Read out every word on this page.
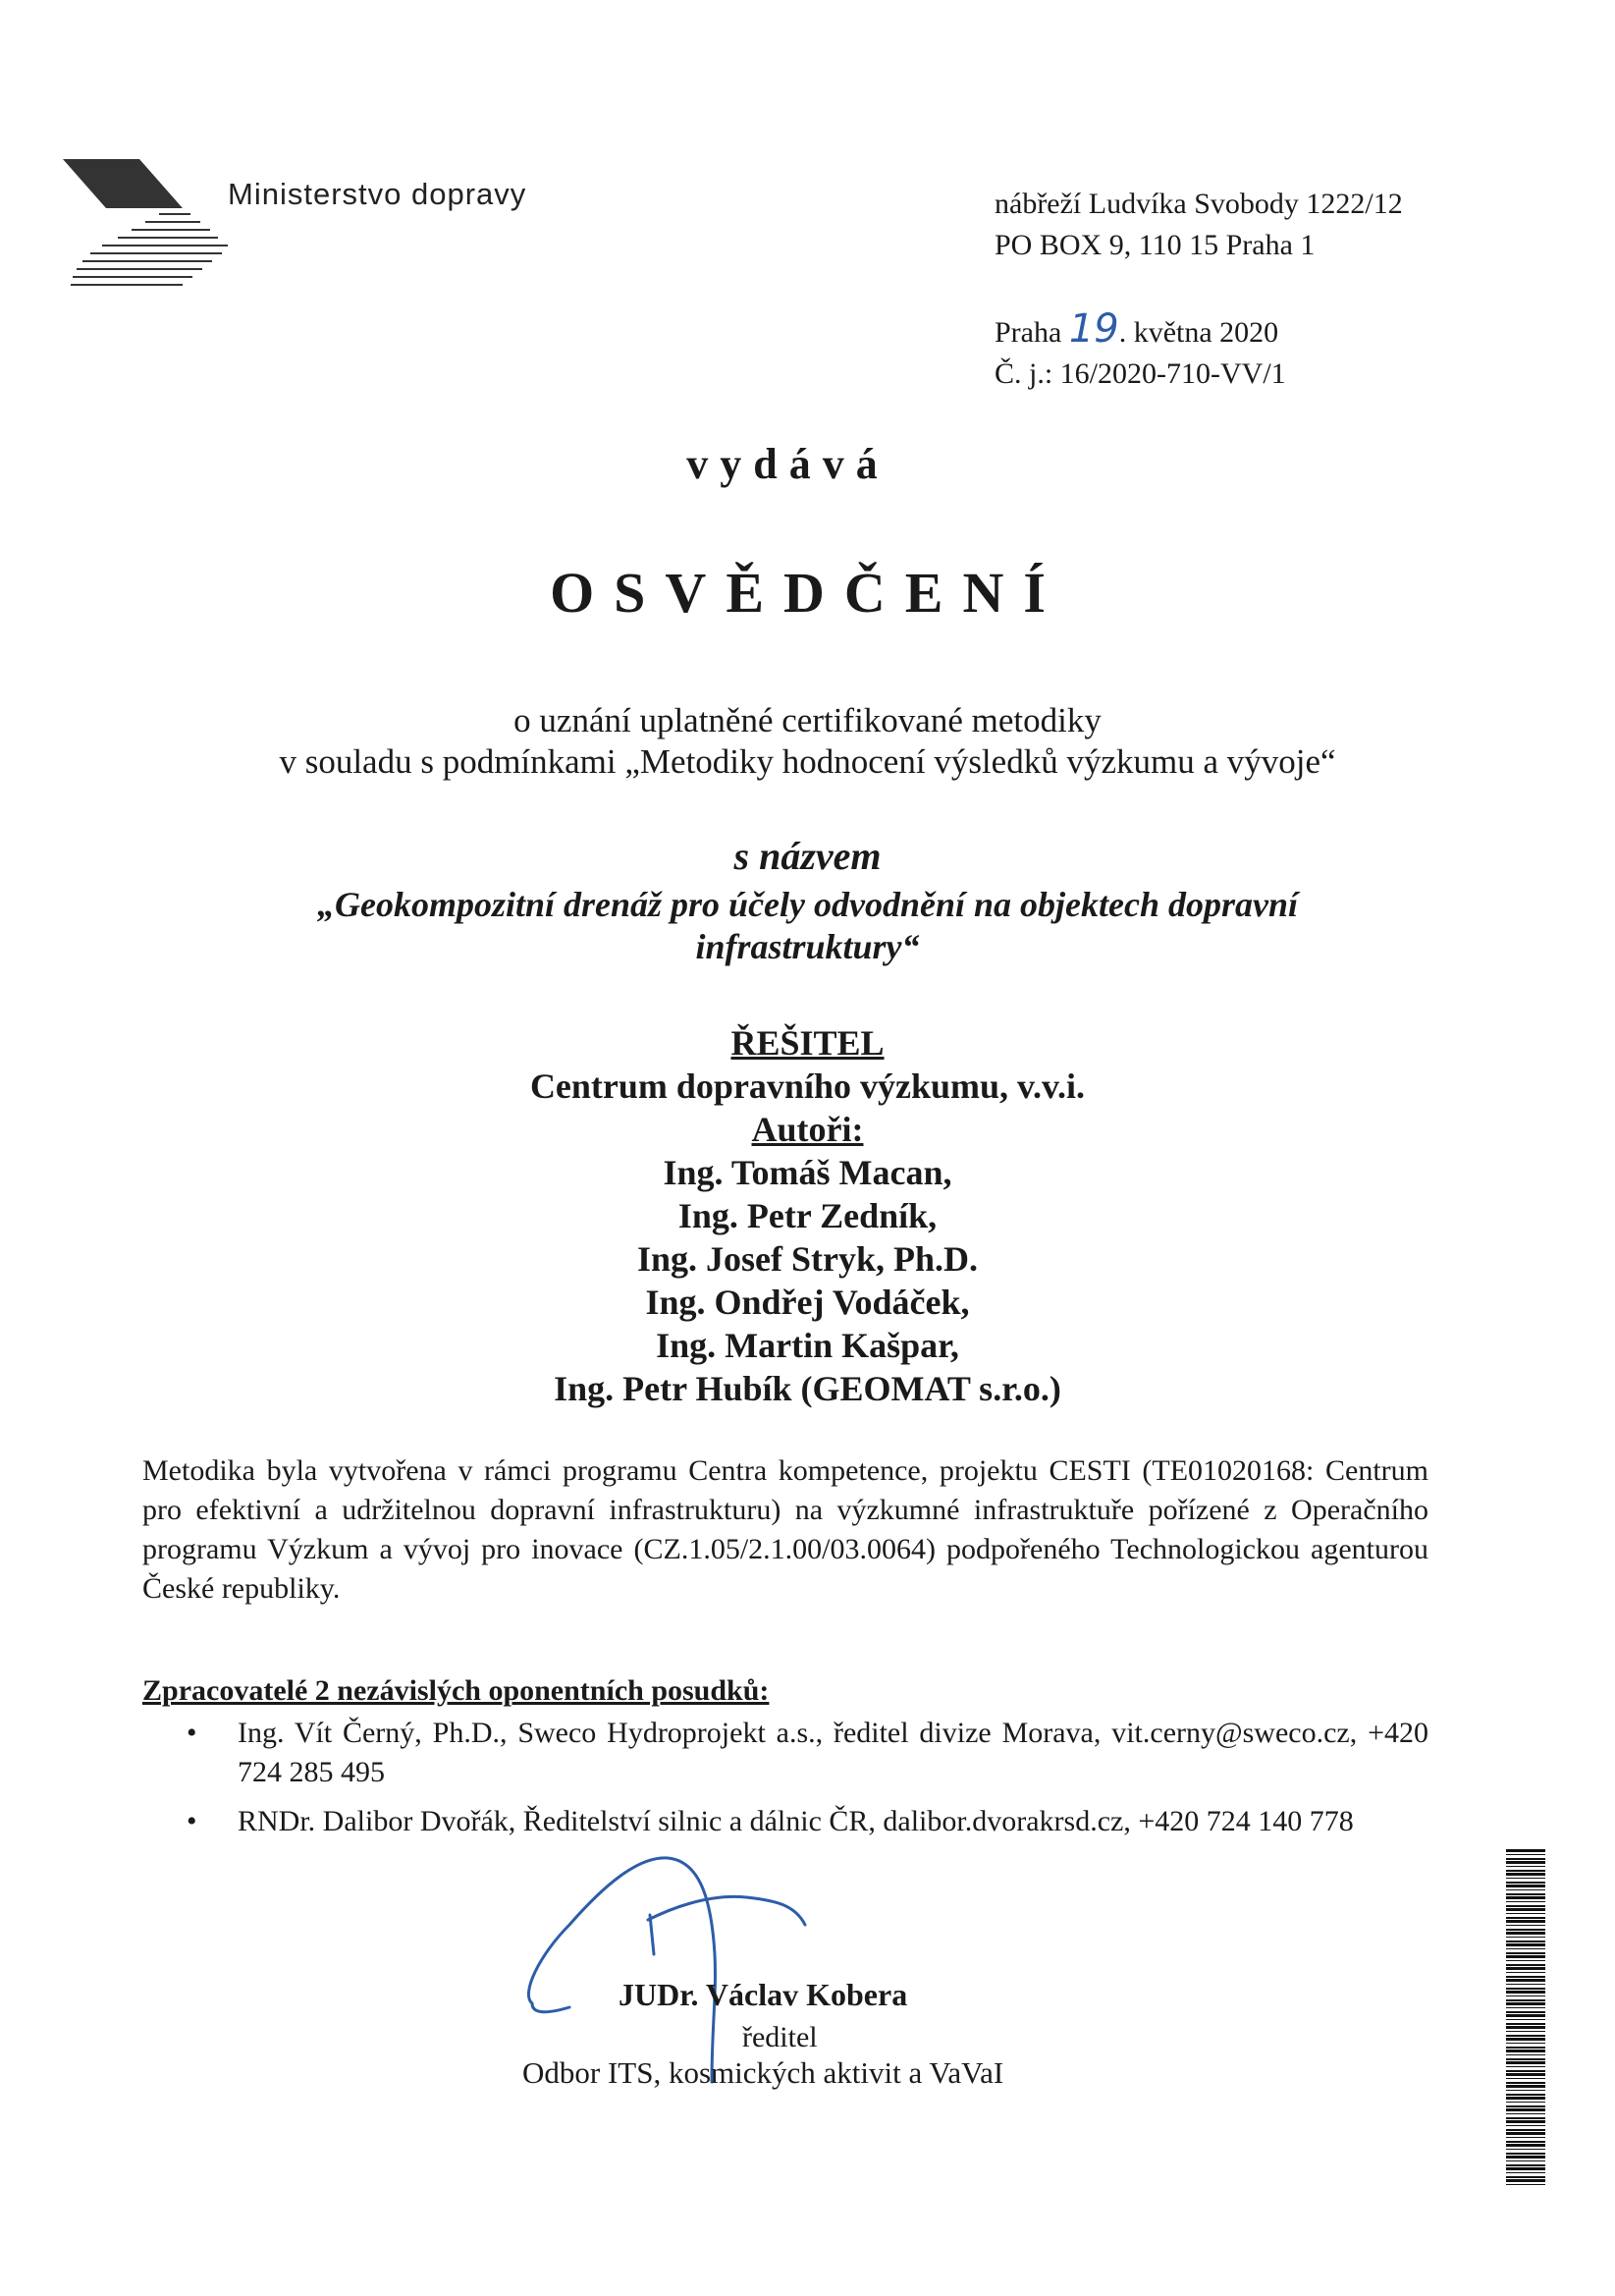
Ministerstvo dopravy	nábřeží Ludvíka Svobody 1222/12
PO BOX 9, 110 15 Praha 1
Praha 19. května 2020
Č. j.: 16/2020-710-VV/1
vydává
OSVĚDČENÍ
o uznání uplatněné certifikované metodiky
v souladu s podmínkami „Metodiky hodnocení výsledků výzkumu a vývoje“
s názvem
„Geokompozitní drenáž pro účely odvodnění na objektech dopravní
infrastruktury“
ŘEŠITEL
Centrum dopravního výzkumu, v.v.i.
Autoři:
Ing. Tomáš Macan,
Ing. Petr Zedník,
Ing. Josef Stryk, Ph.D.
Ing. Ondřej Vodáček,
Ing. Martin Kašpar,
Ing. Petr Hubík (GEOMAT s.r.o.)
Metodika byla vytvořena v rámci programu Centra kompetence, projektu CESTI (TE01020168: Centrum pro efektivní a udržitelnou dopravní infrastrukturu) na výzkumné infrastruktuře pořízené z Operačního programu Výzkum a vývoj pro inovace (CZ.1.05/2.1.00/03.0064) podpořeného Technologickou agenturou České republiky.
Zpracovatelé 2 nezávislých oponentních posudků:
• Ing. Vít Černý, Ph.D., Sweco Hydroprojekt a.s., ředitel divize Morava, vit.cerny@sweco.cz, +420 724 285 495
• RNDr. Dalibor Dvořák, Ředitelství silnic a dálnic ČR, dalibor.dvorakrsd.cz, +420 724 140 778
JUDr. Václav Kobera
ředitel
Odbor ITS, kosmických aktivit a VaVaI
